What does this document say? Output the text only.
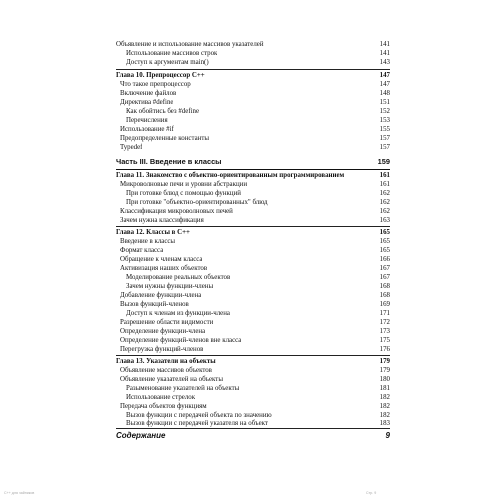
Объявление и использование массивов указателей	141
Использование массивов строк	141
Доступ к аргументам main()	143
Глава 10. Препроцессор С++	147
Что такое препроцессор	147
Включение файлов	148
Директива #define	151
Как обойтись без #define	152
Перечисления	153
Использование #if	155
Предопределенные константы	157
Typedef	157
Часть III. Введение в классы	159
Глава 11. Знакомство с объектно-ориентированным программированием	161
Микроволновые печи и уровни абстракции	161
При готовке блюд с помощью функций	162
При готовке "объектно-ориентированных" блюд	162
Классификация микроволновых печей	162
Зачем нужна классификация	163
Глава 12. Классы в С++	165
Введение в классы	165
Формат класса	165
Обращение к членам класса	166
Активизация наших объектов	167
Моделирование реальных объектов	167
Зачем нужны функции-члены	168
Добавление функции-члена	168
Вызов функций-членов	169
Доступ к членам из функции-члена	171
Разрешение области видимости	172
Определение функции-члена	173
Определение функций-членов вне класса	175
Перегрузка функций-членов	176
Глава 13. Указатели на объекты	179
Объявление массивов объектов	179
Объявление указателей на объекты	180
Разыменование указателей на объекты	181
Использование стрелок	182
Передача объектов функциям	182
Вызов функции с передачей объекта по значению	182
Вызов функции с передачей указателя на объект	183
Содержание	9
С++ для чайников	Стр. 9
